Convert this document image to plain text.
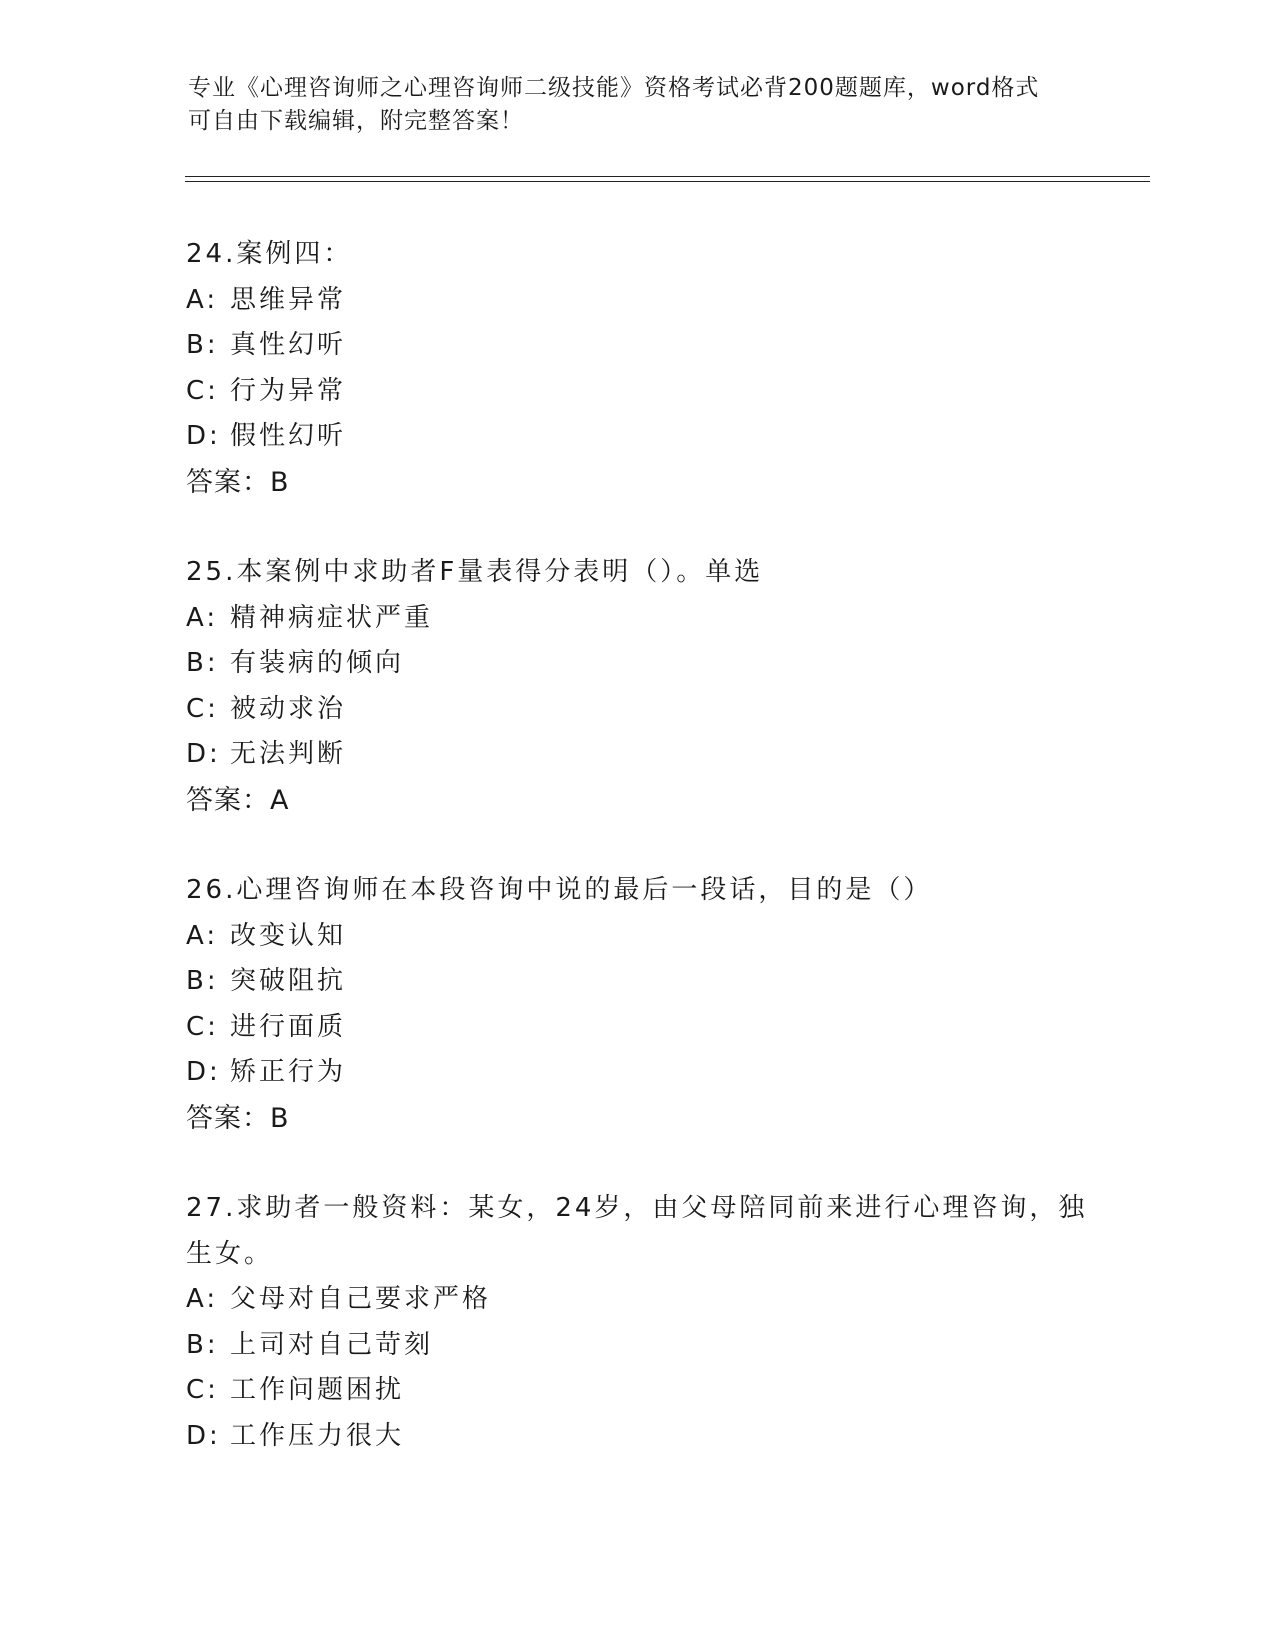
专业《心理咨询师之心理咨询师二级技能》资格考试必背200题题库，word格式
可自由下载编辑，附完整答案！
24.案例四：
A: 思维异常
B: 真性幻听
C: 行为异常
D: 假性幻听
答案：B
25.本案例中求助者F量表得分表明（）。单选
A: 精神病症状严重
B: 有装病的倾向
C: 被动求治
D: 无法判断
答案：A
26.心理咨询师在本段咨询中说的最后一段话，目的是（）
A: 改变认知
B: 突破阻抗
C: 进行面质
D: 矫正行为
答案：B
27.求助者一般资料：某女，24岁，由父母陪同前来进行心理咨询，独
生女。
A: 父母对自己要求严格
B: 上司对自己苛刻
C: 工作问题困扰
D: 工作压力很大
